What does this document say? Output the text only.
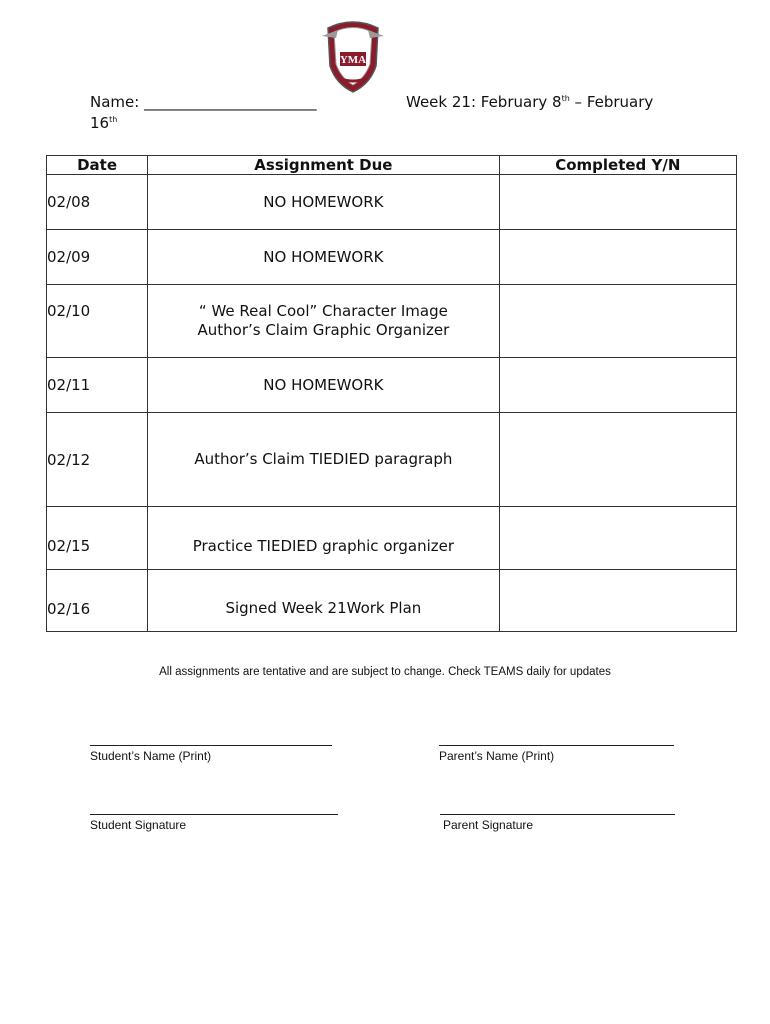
YMA
Name: _______________________	Week 21: February 8th – February
16th
Date	Assignment Due	Completed Y/N
02/08	NO HOMEWORK	

02/09	NO HOMEWORK	

02/10	“ We Real Cool” Character Image
Author’s Claim Graphic Organizer	

02/11	NO HOMEWORK	

02/12	Author’s Claim TIEDIED paragraph	

02/15	Practice TIEDIED graphic organizer	

02/16	Signed Week 21Work Plan	

All assignments are tentative and are subject to change. Check TEAMS daily for updates
Student’s Name (Print)	Parent’s Name (Print)
Student Signature	Parent Signature
